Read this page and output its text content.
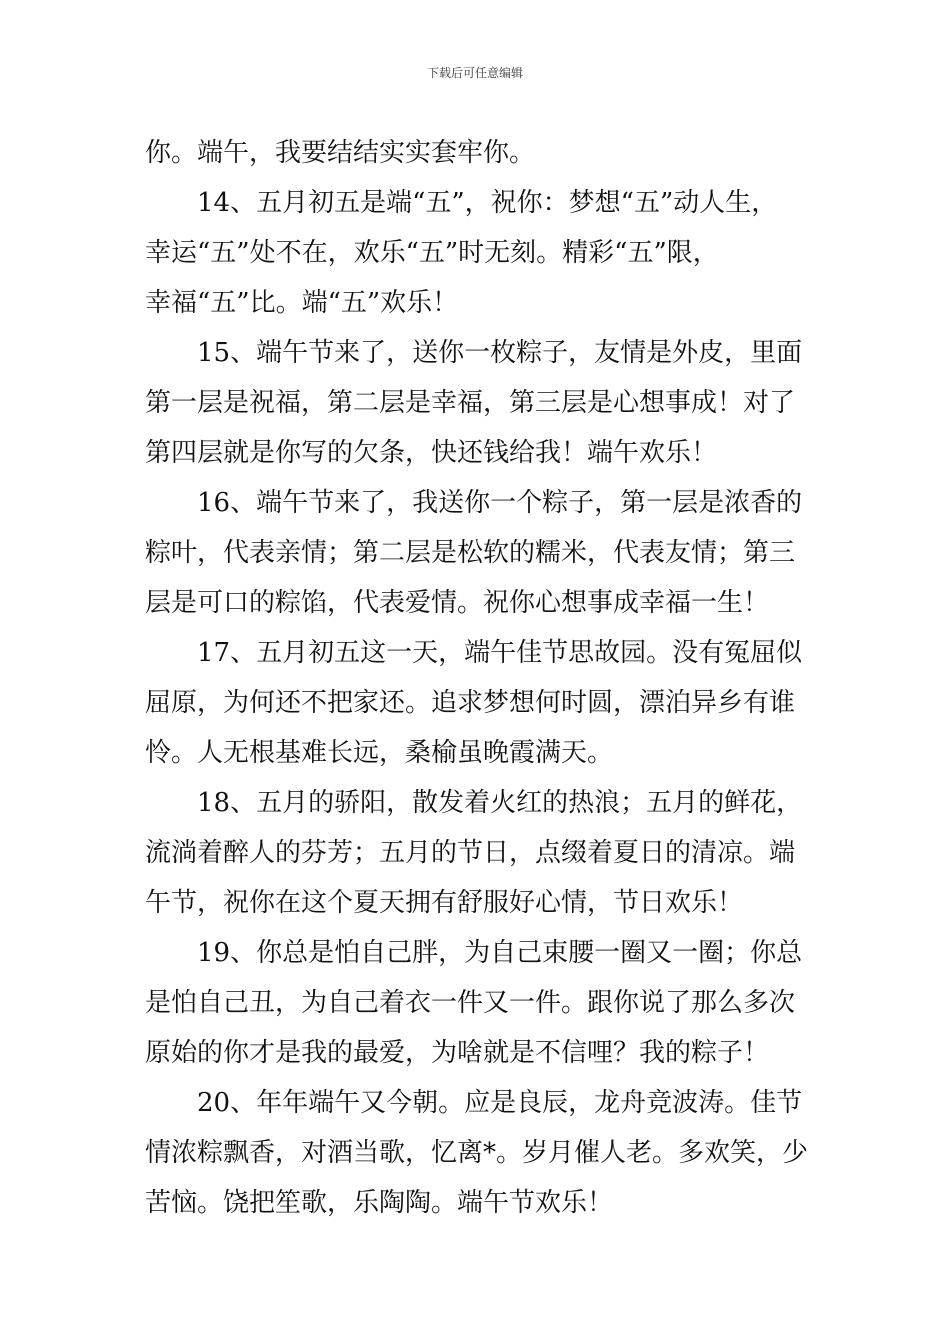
下载后可任意编辑
你。端午，我要结结实实套牢你。
14、五月初五是端“五”，祝你：梦想“五”动人生，
幸运“五”处不在，欢乐“五”时无刻。精彩“五”限，
幸福“五”比。端“五”欢乐！
15、端午节来了，送你一枚粽子，友情是外皮，里面
第一层是祝福，第二层是幸福，第三层是心想事成！对了
第四层就是你写的欠条，快还钱给我！端午欢乐！
16、端午节来了，我送你一个粽子，第一层是浓香的
粽叶，代表亲情；第二层是松软的糯米，代表友情；第三
层是可口的粽馅，代表爱情。祝你心想事成幸福一生！
17、五月初五这一天，端午佳节思故园。没有冤屈似
屈原，为何还不把家还。追求梦想何时圆，漂泊异乡有谁
怜。人无根基难长远，桑榆虽晚霞满天。
18、五月的骄阳，散发着火红的热浪；五月的鲜花，
流淌着醉人的芬芳；五月的节日，点缀着夏日的清凉。端
午节，祝你在这个夏天拥有舒服好心情，节日欢乐！
19、你总是怕自己胖，为自己束腰一圈又一圈；你总
是怕自己丑，为自己着衣一件又一件。跟你说了那么多次
原始的你才是我的最爱，为啥就是不信哩？我的粽子！
20、年年端午又今朝。应是良辰，龙舟竞波涛。佳节
情浓粽飘香，对酒当歌，忆离*。岁月催人老。多欢笑，少
苦恼。饶把笙歌，乐陶陶。端午节欢乐！
